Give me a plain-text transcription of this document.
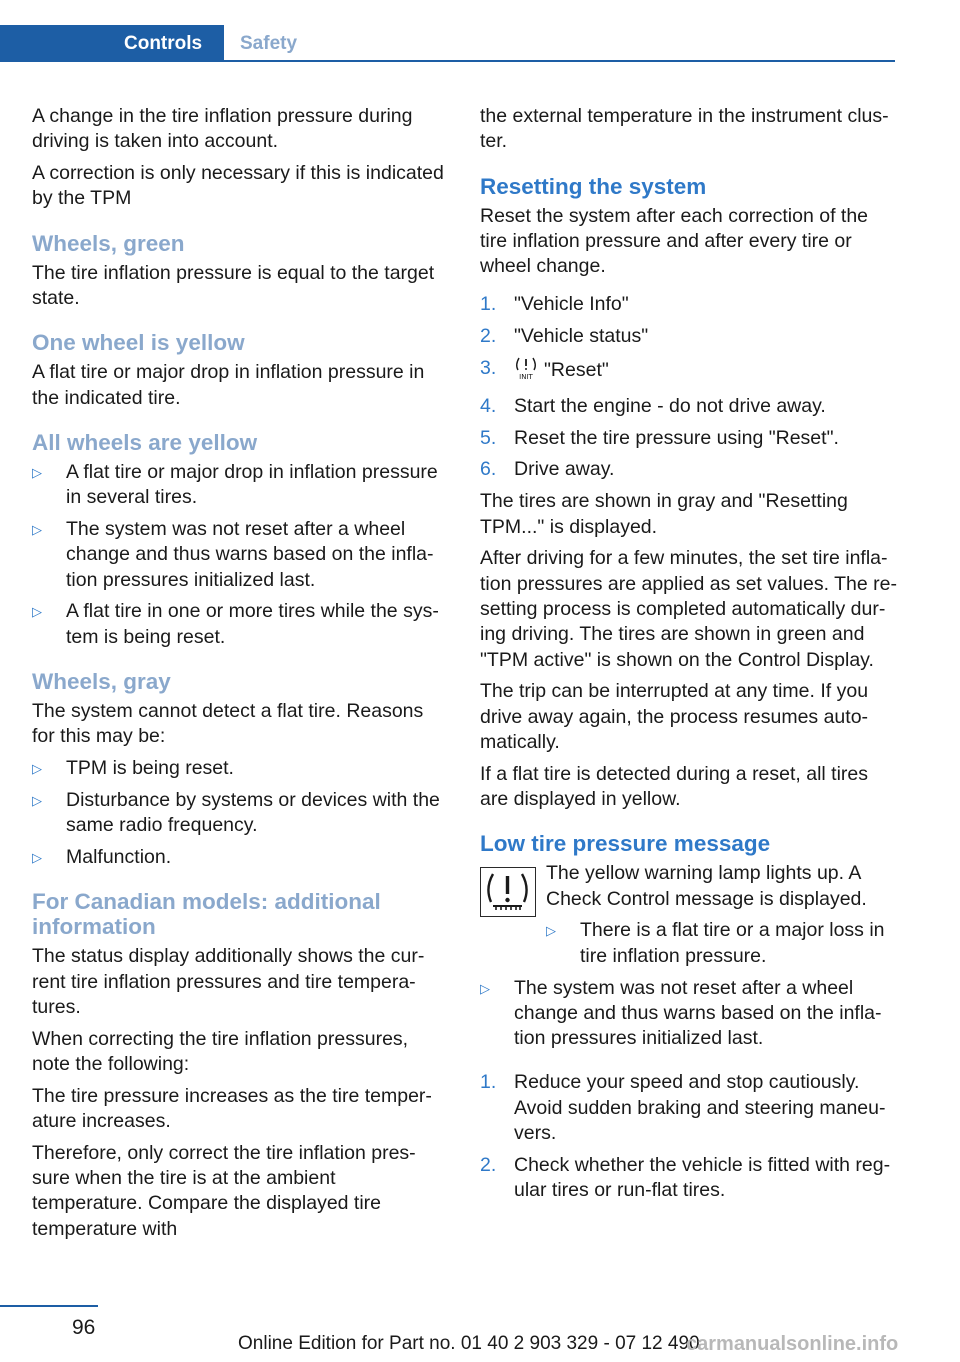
Controls	Safety

A change in the tire inflation pressure during driving is taken into account.

A correction is only necessary if this is indicated by the TPM

Wheels, green

The tire inflation pressure is equal to the target state.

One wheel is yellow

A flat tire or major drop in inflation pressure in the indicated tire.

All wheels are yellow
▷ A flat tire or major drop in inflation pressure in several tires.
▷ The system was not reset after a wheel change and thus warns based on the infla‐tion pressures initialized last.
▷ A flat tire in one or more tires while the sys‐tem is being reset.
Wheels, gray

The system cannot detect a flat tire. Reasons for this may be:

▷ TPM is being reset.
▷ Disturbance by systems or devices with the same radio frequency.
▷ Malfunction.
For Canadian models: additional information

The status display additionally shows the cur‐rent tire inflation pressures and tire tempera‐tures.

When correcting the tire inflation pressures, note the following:

The tire pressure increases as the tire temper‐ature increases.

Therefore, only correct the tire inflation pres‐sure when the tire is at the ambient temperature. Compare the displayed tire temperature with

the external temperature in the instrument clus‐ter.

Resetting the system

Reset the system after each correction of the tire inflation pressure and after every tire or wheel change.

1. "Vehicle Info"
2. "Vehicle status"
3.	INIT "Reset"
4. Start the engine - do not drive away.
5. Reset the tire pressure using "Reset".
6. Drive away.

The tires are shown in gray and "Resetting TPM..." is displayed.

After driving for a few minutes, the set tire infla‐tion pressures are applied as set values. The re‐setting process is completed automatically dur‐ing driving. The tires are shown in green and "TPM active" is shown on the Control Display.

The trip can be interrupted at any time. If you drive away again, the process resumes auto‐matically.

If a flat tire is detected during a reset, all tires are displayed in yellow.

Low tire pressure message

The yellow warning lamp lights up. A Check Control message is displayed.

▷ There is a flat tire or a major loss in tire inflation pressure.
▷ The system was not reset after a wheel change and thus warns based on the infla‐tion pressures initialized last.
1. Reduce your speed and stop cautiously. Avoid sudden braking and steering maneu‐vers.
2. Check whether the vehicle is fitted with reg‐ular tires or run-flat tires.
96
Online Edition for Part no. 01 40 2 903 329 - 07 12 490
carmanualsonline.info
